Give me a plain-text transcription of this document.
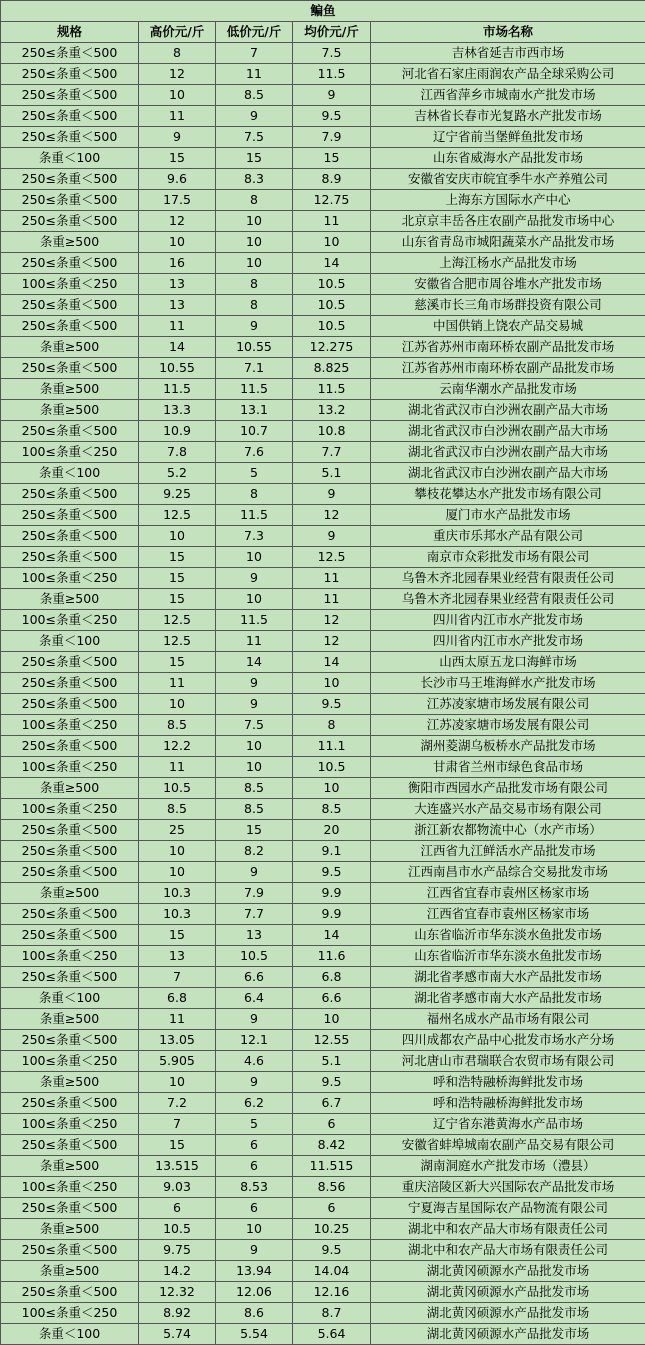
鳊鱼				
规格	高价元/斤	低价元/斤	均价元/斤	市场名称
250≤条重＜500	8	7	7.5	吉林省延吉市西市场
250≤条重＜500	12	11	11.5	河北省石家庄雨润农产品全球采购公司
250≤条重＜500	10	8.5	9	江西省萍乡市城南水产批发市场
250≤条重＜500	11	9	9.5	吉林省长春市光复路水产批发市场
250≤条重＜500	9	7.5	7.9	辽宁省前当堡鲜鱼批发市场
条重＜100	15	15	15	山东省威海水产品批发市场
250≤条重＜500	9.6	8.3	8.9	安徽省安庆市皖宜季牛水产养殖公司
250≤条重＜500	17.5	8	12.75	上海东方国际水产中心
250≤条重＜500	12	10	11	北京京丰岳各庄农副产品批发市场中心
条重≥500	10	10	10	山东省青岛市城阳蔬菜水产品批发市场
250≤条重＜500	16	10	14	上海江杨水产品批发市场
100≤条重＜250	13	8	10.5	安徽省合肥市周谷堆水产批发市场
250≤条重＜500	13	8	10.5	慈溪市长三角市场群投资有限公司
250≤条重＜500	11	9	10.5	中国供销上饶农产品交易城
条重≥500	14	10.55	12.275	江苏省苏州市南环桥农副产品批发市场
250≤条重＜500	10.55	7.1	8.825	江苏省苏州市南环桥农副产品批发市场
条重≥500	11.5	11.5	11.5	云南华潮水产品批发市场
条重≥500	13.3	13.1	13.2	湖北省武汉市白沙洲农副产品大市场
250≤条重＜500	10.9	10.7	10.8	湖北省武汉市白沙洲农副产品大市场
100≤条重＜250	7.8	7.6	7.7	湖北省武汉市白沙洲农副产品大市场
条重＜100	5.2	5	5.1	湖北省武汉市白沙洲农副产品大市场
250≤条重＜500	9.25	8	9	攀枝花攀达水产批发市场有限公司
250≤条重＜500	12.5	11.5	12	厦门市水产品批发市场
250≤条重＜500	10	7.3	9	重庆市乐邦水产品有限公司
250≤条重＜500	15	10	12.5	南京市众彩批发市场有限公司
100≤条重＜250	15	9	11	乌鲁木齐北园春果业经营有限责任公司
条重≥500	15	10	11	乌鲁木齐北园春果业经营有限责任公司
100≤条重＜250	12.5	11.5	12	四川省内江市水产批发市场
条重＜100	12.5	11	12	四川省内江市水产批发市场
250≤条重＜500	15	14	14	山西太原五龙口海鲜市场
250≤条重＜500	11	9	10	长沙市马王堆海鲜水产批发市场
250≤条重＜500	10	9	9.5	江苏凌家塘市场发展有限公司
100≤条重＜250	8.5	7.5	8	江苏凌家塘市场发展有限公司
250≤条重＜500	12.2	10	11.1	湖州菱湖乌板桥水产品批发市场
100≤条重＜250	11	10	10.5	甘肃省兰州市绿色食品市场
条重≥500	10.5	8.5	10	衡阳市西园水产品批发市场有限公司
100≤条重＜250	8.5	8.5	8.5	大连盛兴水产品交易市场有限公司
250≤条重＜500	25	15	20	浙江新农都物流中心（水产市场）
250≤条重＜500	10	8.2	9.1	江西省九江鲜活水产品批发市场
250≤条重＜500	10	9	9.5	江西南昌市水产品综合交易批发市场
条重≥500	10.3	7.9	9.9	江西省宜春市袁州区杨家市场
250≤条重＜500	10.3	7.7	9.9	江西省宜春市袁州区杨家市场
250≤条重＜500	15	13	14	山东省临沂市华东淡水鱼批发市场
100≤条重＜250	13	10.5	11.6	山东省临沂市华东淡水鱼批发市场
250≤条重＜500	7	6.6	6.8	湖北省孝感市南大水产品批发市场
条重＜100	6.8	6.4	6.6	湖北省孝感市南大水产品批发市场
条重≥500	11	9	10	福州名成水产品市场有限公司
250≤条重＜500	13.05	12.1	12.55	四川成都农产品中心批发市场水产分场
100≤条重＜250	5.905	4.6	5.1	河北唐山市君瑞联合农贸市场有限公司
条重≥500	10	9	9.5	呼和浩特融桥海鲜批发市场
250≤条重＜500	7.2	6.2	6.7	呼和浩特融桥海鲜批发市场
100≤条重＜250	7	5	6	辽宁省东港黄海水产品市场
250≤条重＜500	15	6	8.42	安徽省蚌埠城南农副产品交易有限公司
条重≥500	13.515	6	11.515	湖南洞庭水产批发市场（澧县）
100≤条重＜250	9.03	8.53	8.56	重庆涪陵区新大兴国际农产品批发市场
250≤条重＜500	6	6	6	宁夏海吉星国际农产品物流有限公司
条重≥500	10.5	10	10.25	湖北中和农产品大市场有限责任公司
250≤条重＜500	9.75	9	9.5	湖北中和农产品大市场有限责任公司
条重≥500	14.2	13.94	14.04	湖北黄冈硕源水产品批发市场
250≤条重＜500	12.32	12.06	12.16	湖北黄冈硕源水产品批发市场
100≤条重＜250	8.92	8.6	8.7	湖北黄冈硕源水产品批发市场
条重＜100	5.74	5.54	5.64	湖北黄冈硕源水产品批发市场
